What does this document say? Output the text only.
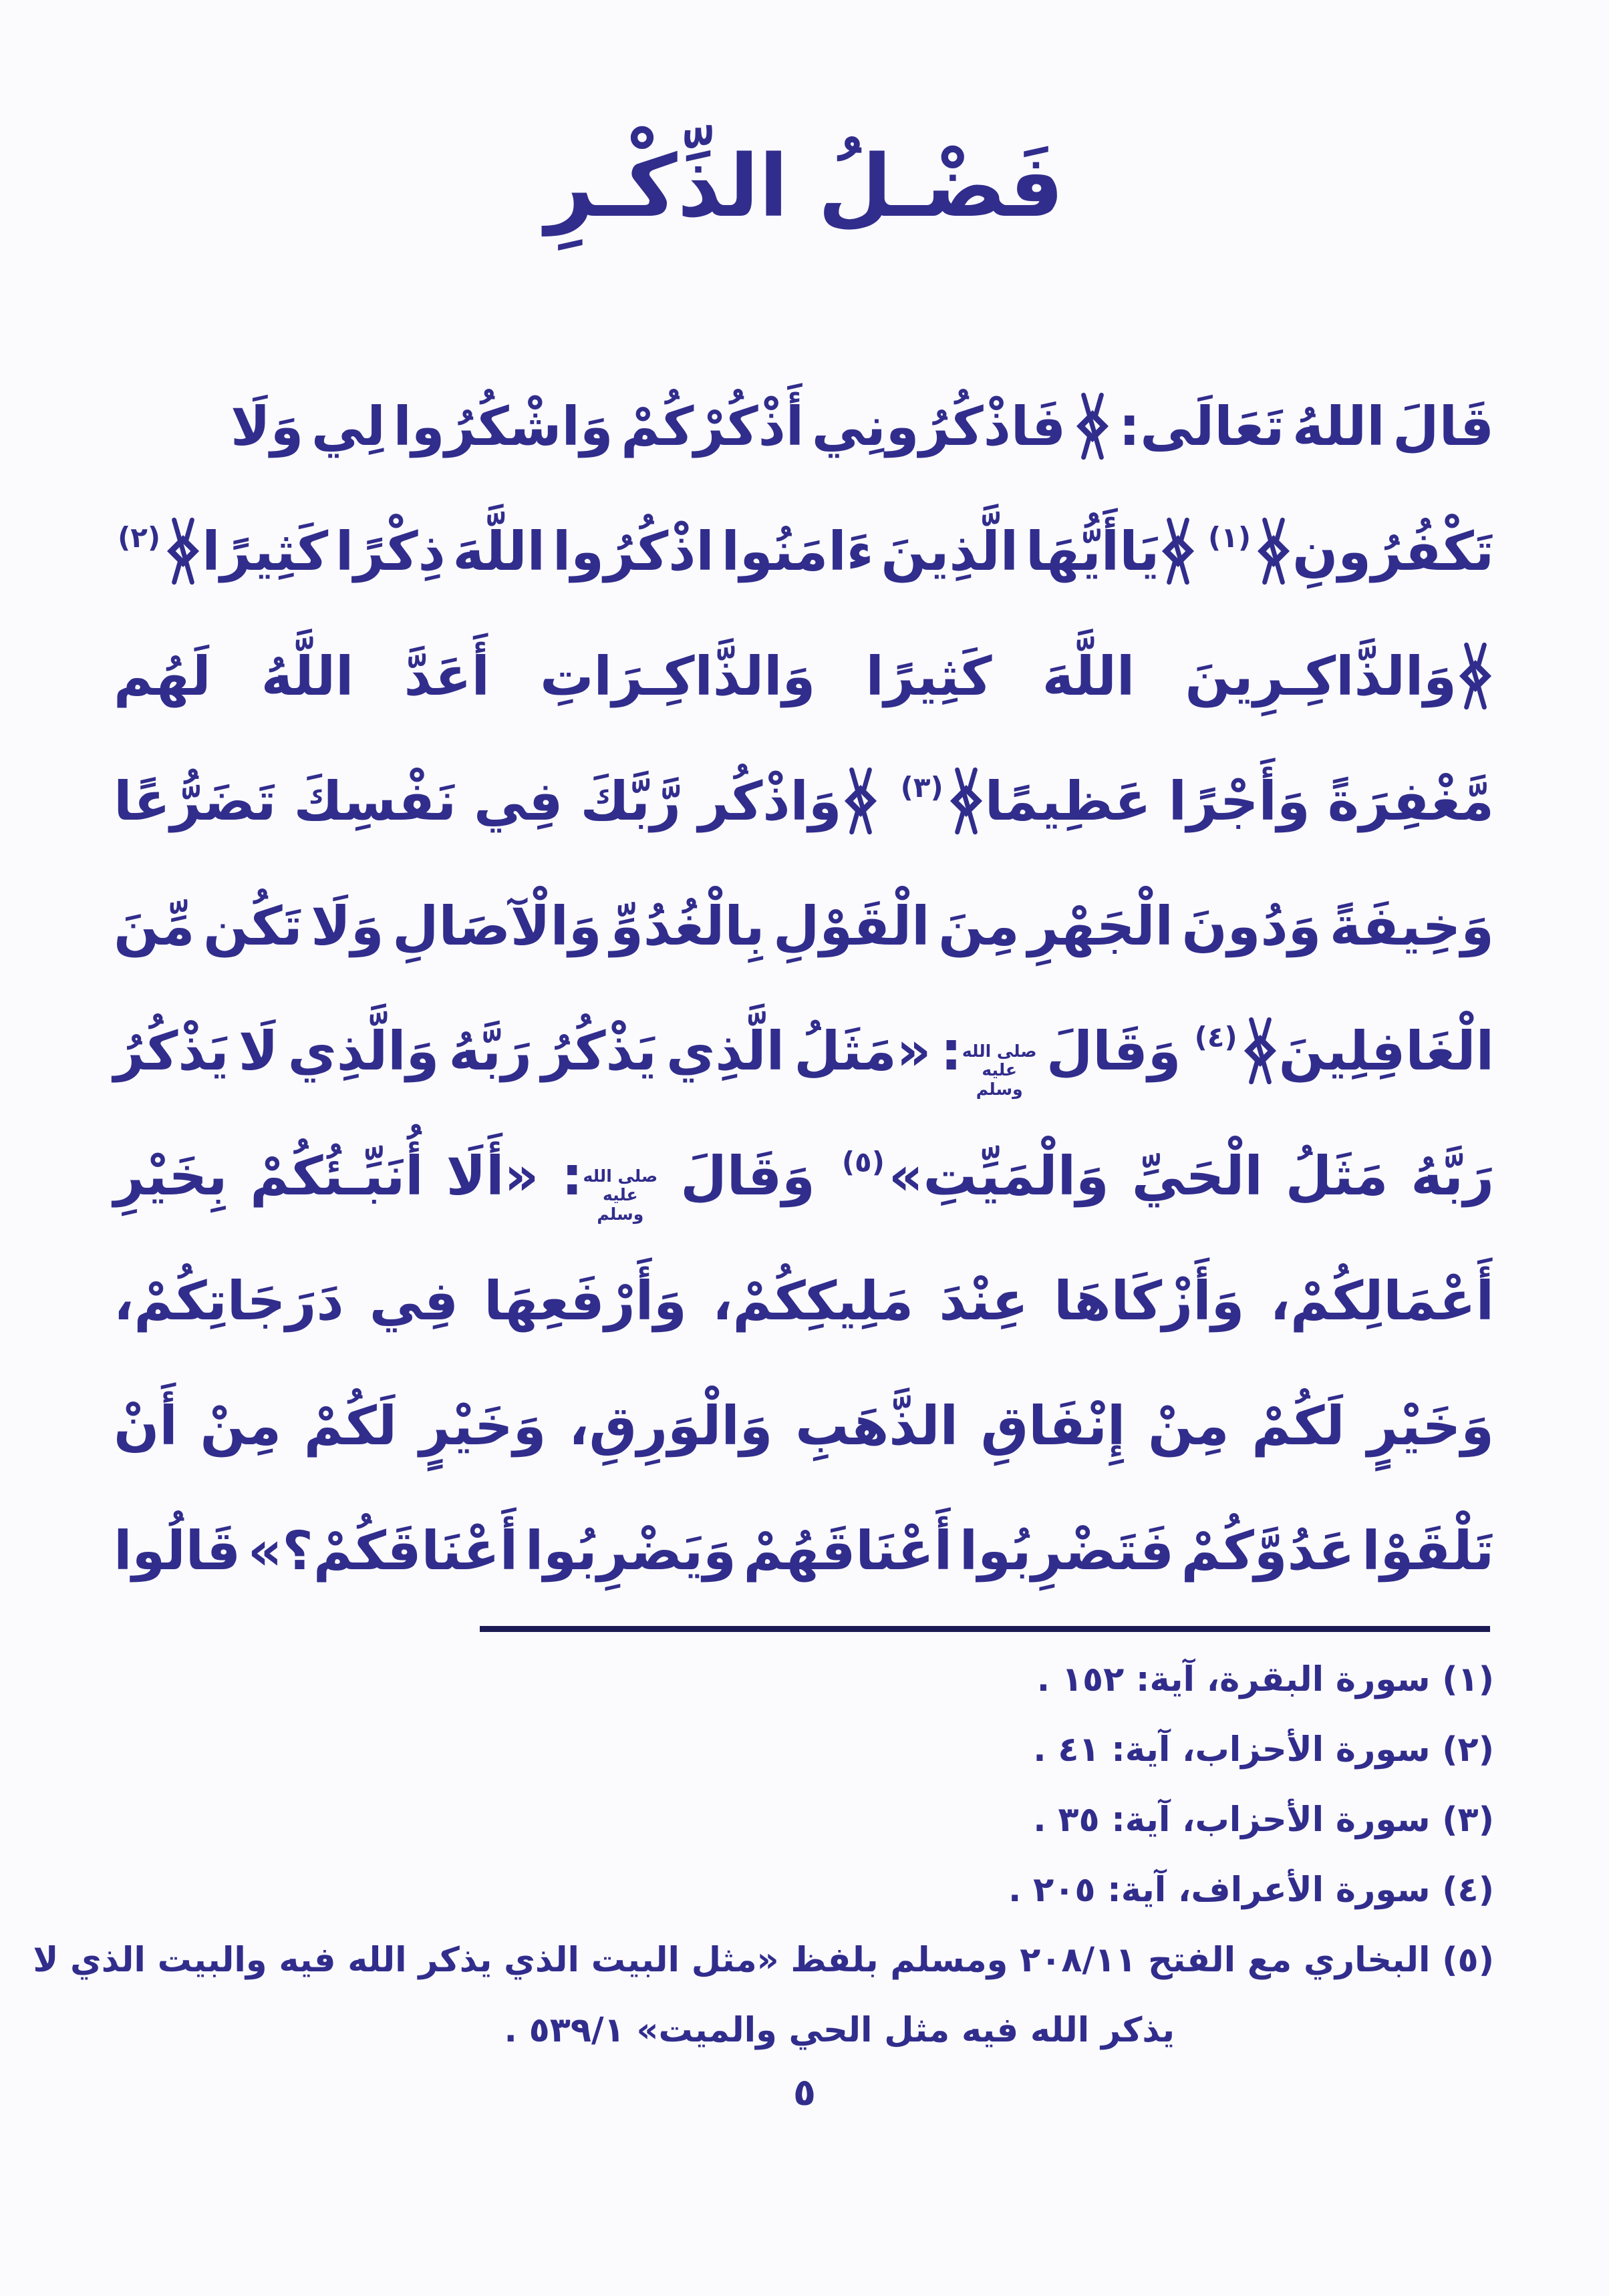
فَضْـلُ الذِّكْـرِ
قَالَ
اللهُ
تَعَالَى:
فَاذْكُرُونِي
أَذْكُرْكُمْ
وَاشْكُرُوا
لِي
وَلَا
تَكْفُرُونِ
$^{(١)}$
يَاأَيُّهَا
الَّذِينَ
ءَامَنُوا
اذْكُرُوا
اللَّهَ
ذِكْرًا
كَثِيرًا
$^{(٢)}$
وَالذَّاكِـرِينَ
اللَّهَ
كَثِيرًا
وَالذَّاكِـرَاتِ
أَعَدَّ
اللَّهُ
لَهُم
مَّغْفِرَةً
وَأَجْرًا
عَظِيمًا
$^{(٣)}$
وَاذْكُر
رَّبَّكَ
فِي
نَفْسِكَ
تَضَرُّعًا
وَخِيفَةً
وَدُونَ
الْجَهْرِ
مِنَ
الْقَوْلِ
بِالْغُدُوِّ
وَالْآصَالِ
وَلَا
تَكُن
مِّنَ
الْغَافِلِينَ
$^{(٤)}$
وَقَالَ
صلى الله عليه وسلم:
«مَثَلُ
الَّذِي
يَذْكُرُ
رَبَّهُ
وَالَّذِي
لَا
يَذْكُرُ
رَبَّهُ
مَثَلُ
الْحَيِّ
وَالْمَيِّتِ»$^{(٥)}$
وَقَالَ
صلى الله عليه وسلم:
«أَلَا
أُنَبِّـئُكُمْ
بِخَيْرِ
أَعْمَالِكُمْ،
وَأَزْكَاهَا
عِنْدَ
مَلِيكِكُمْ،
وَأَرْفَعِهَا
فِي
دَرَجَاتِكُمْ،
وَخَيْرٍ
لَكُمْ
مِنْ
إِنْفَاقِ
الذَّهَبِ
وَالْوَرِقِ،
وَخَيْرٍ
لَكُمْ
مِنْ
أَنْ
تَلْقَوْا
عَدُوَّكُمْ
فَتَضْرِبُوا
أَعْنَاقَهُمْ
وَيَضْرِبُوا
أَعْنَاقَكُمْ؟»
قَالُوا
(١) سورة البقرة، آية: ١٥٢ .
(٢) سورة الأحزاب، آية: ٤١ .
(٣) سورة الأحزاب، آية: ٣٥ .
(٤) سورة الأعراف، آية: ٢٠٥ .
(٥) البخاري مع الفتح ٢٠٨/١١ ومسلم بلفظ «مثل البيت الذي يذكر الله فيه والبيت الذي لا
يذكر الله فيه مثل الحي والميت» ٥٣٩/١ .
٥
